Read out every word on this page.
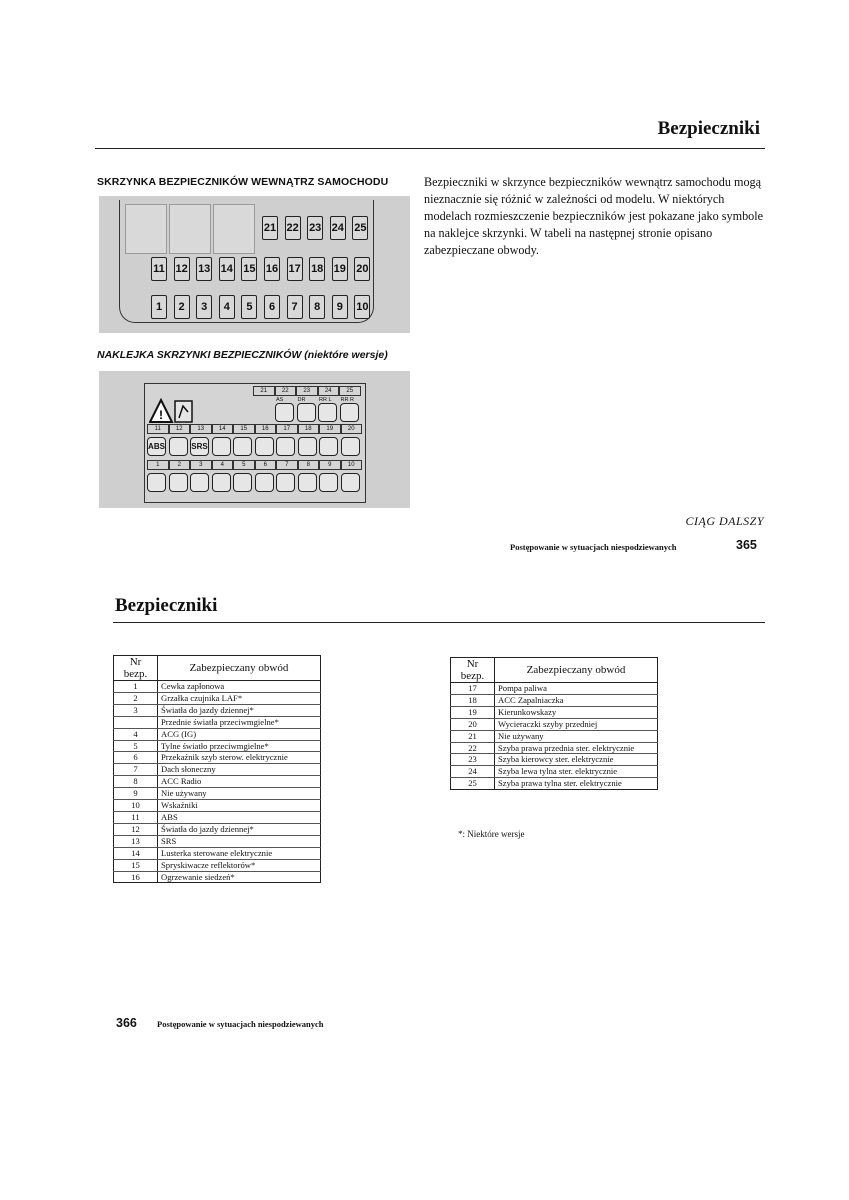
Bezpieczniki
SKRZYNKA BEZPIECZNIKÓW WEWNĄTRZ SAMOCHODU	Bezpieczniki w skrzynce bezpieczników wewnątrz samochodu mogą nieznacznie się różnić w zależności od modelu. W niektórych modelach rozmieszczenie bezpieczników jest pokazane jako symbole na naklejce skrzynki. W tabeli na następnej stronie opisano zabezpieczane obwody.
21 22 23 24 25
11 12 13 14 15 16 17 18 19 20
1	2	3	4	5	6	7	8	9	10
NAKLEJKA SKRZYNKI BEZPIECZNIKÓW (niektóre wersje)
!
21	22	23	24	25
11	12	13	14	15	16	17	18	19	20
1	2	3	4	5	6	7	8	9	10
AS	DR RR L RR R
ABS	SRS
CIĄG DALSZY
Postępowanie w sytuacjach niespodziewanych	365
Bezpieczniki
Nr bezp.	Zabezpieczany obwód
1	Cewka zapłonowa
2	Grzałka czujnika LAF*
3	Światła do jazdy dziennej*
	Przednie światła przeciwmgielne*
4	ACG (IG)
5	Tylne światło przeciwmgielne*
6	Przekaźnik szyb sterow. elektrycznie
7	Dach słoneczny
8	ACC Radio
9	Nie używany
10	Wskaźniki
11	ABS
12	Światła do jazdy dziennej*
13	SRS
14	Lusterka sterowane elektrycznie
15	Spryskiwacze reflektorów*
16	Ogrzewanie siedzeń*
Nr bezp.	Zabezpieczany obwód
17	Pompa paliwa
18	ACC Zapalniaczka
19	Kierunkowskazy
20	Wycieraczki szyby przedniej
21	Nie używany
22	Szyba prawa przednia ster. elektrycznie
23	Szyba kierowcy ster. elektrycznie
24	Szyba lewa tylna ster. elektrycznie
25	Szyba prawa tylna ster. elektrycznie
*: Niektóre wersje
366 Postępowanie w sytuacjach niespodziewanych
